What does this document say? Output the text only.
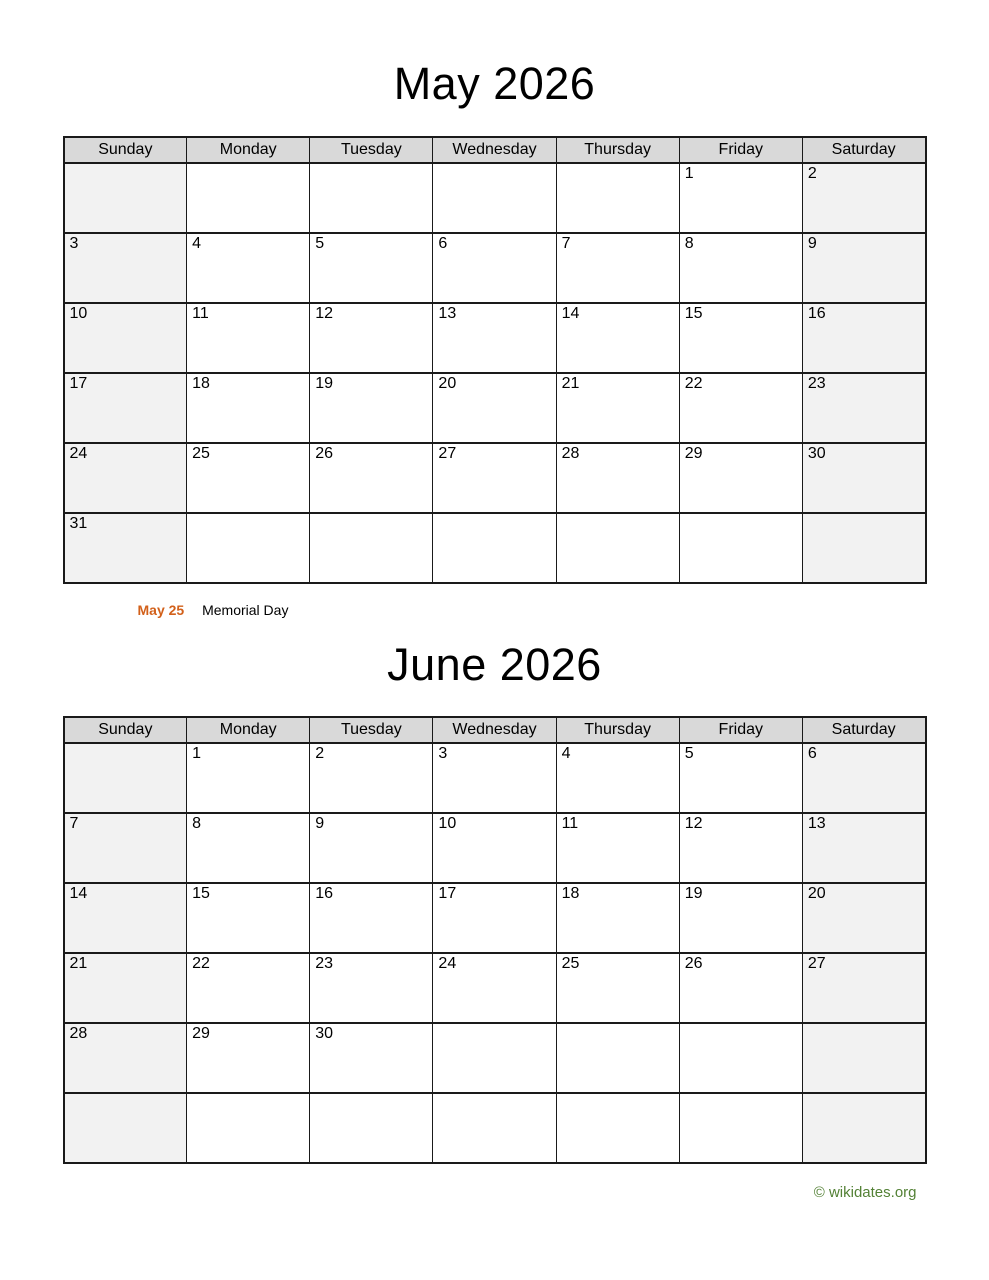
May 2026
Sunday	Monday	Tuesday	Wednesday	Thursday	Friday	Saturday
					1	2
3	4	5	6	7	8	9
10	11	12	13	14	15	16
17	18	19	20	21	22	23
24	25	26	27	28	29	30
31						
May 25 Memorial Day
June 2026
Sunday	Monday	Tuesday	Wednesday	Thursday	Friday	Saturday
	1	2	3	4	5	6
7	8	9	10	11	12	13
14	15	16	17	18	19	20
21	22	23	24	25	26	27
28	29	30				

© wikidates.org
